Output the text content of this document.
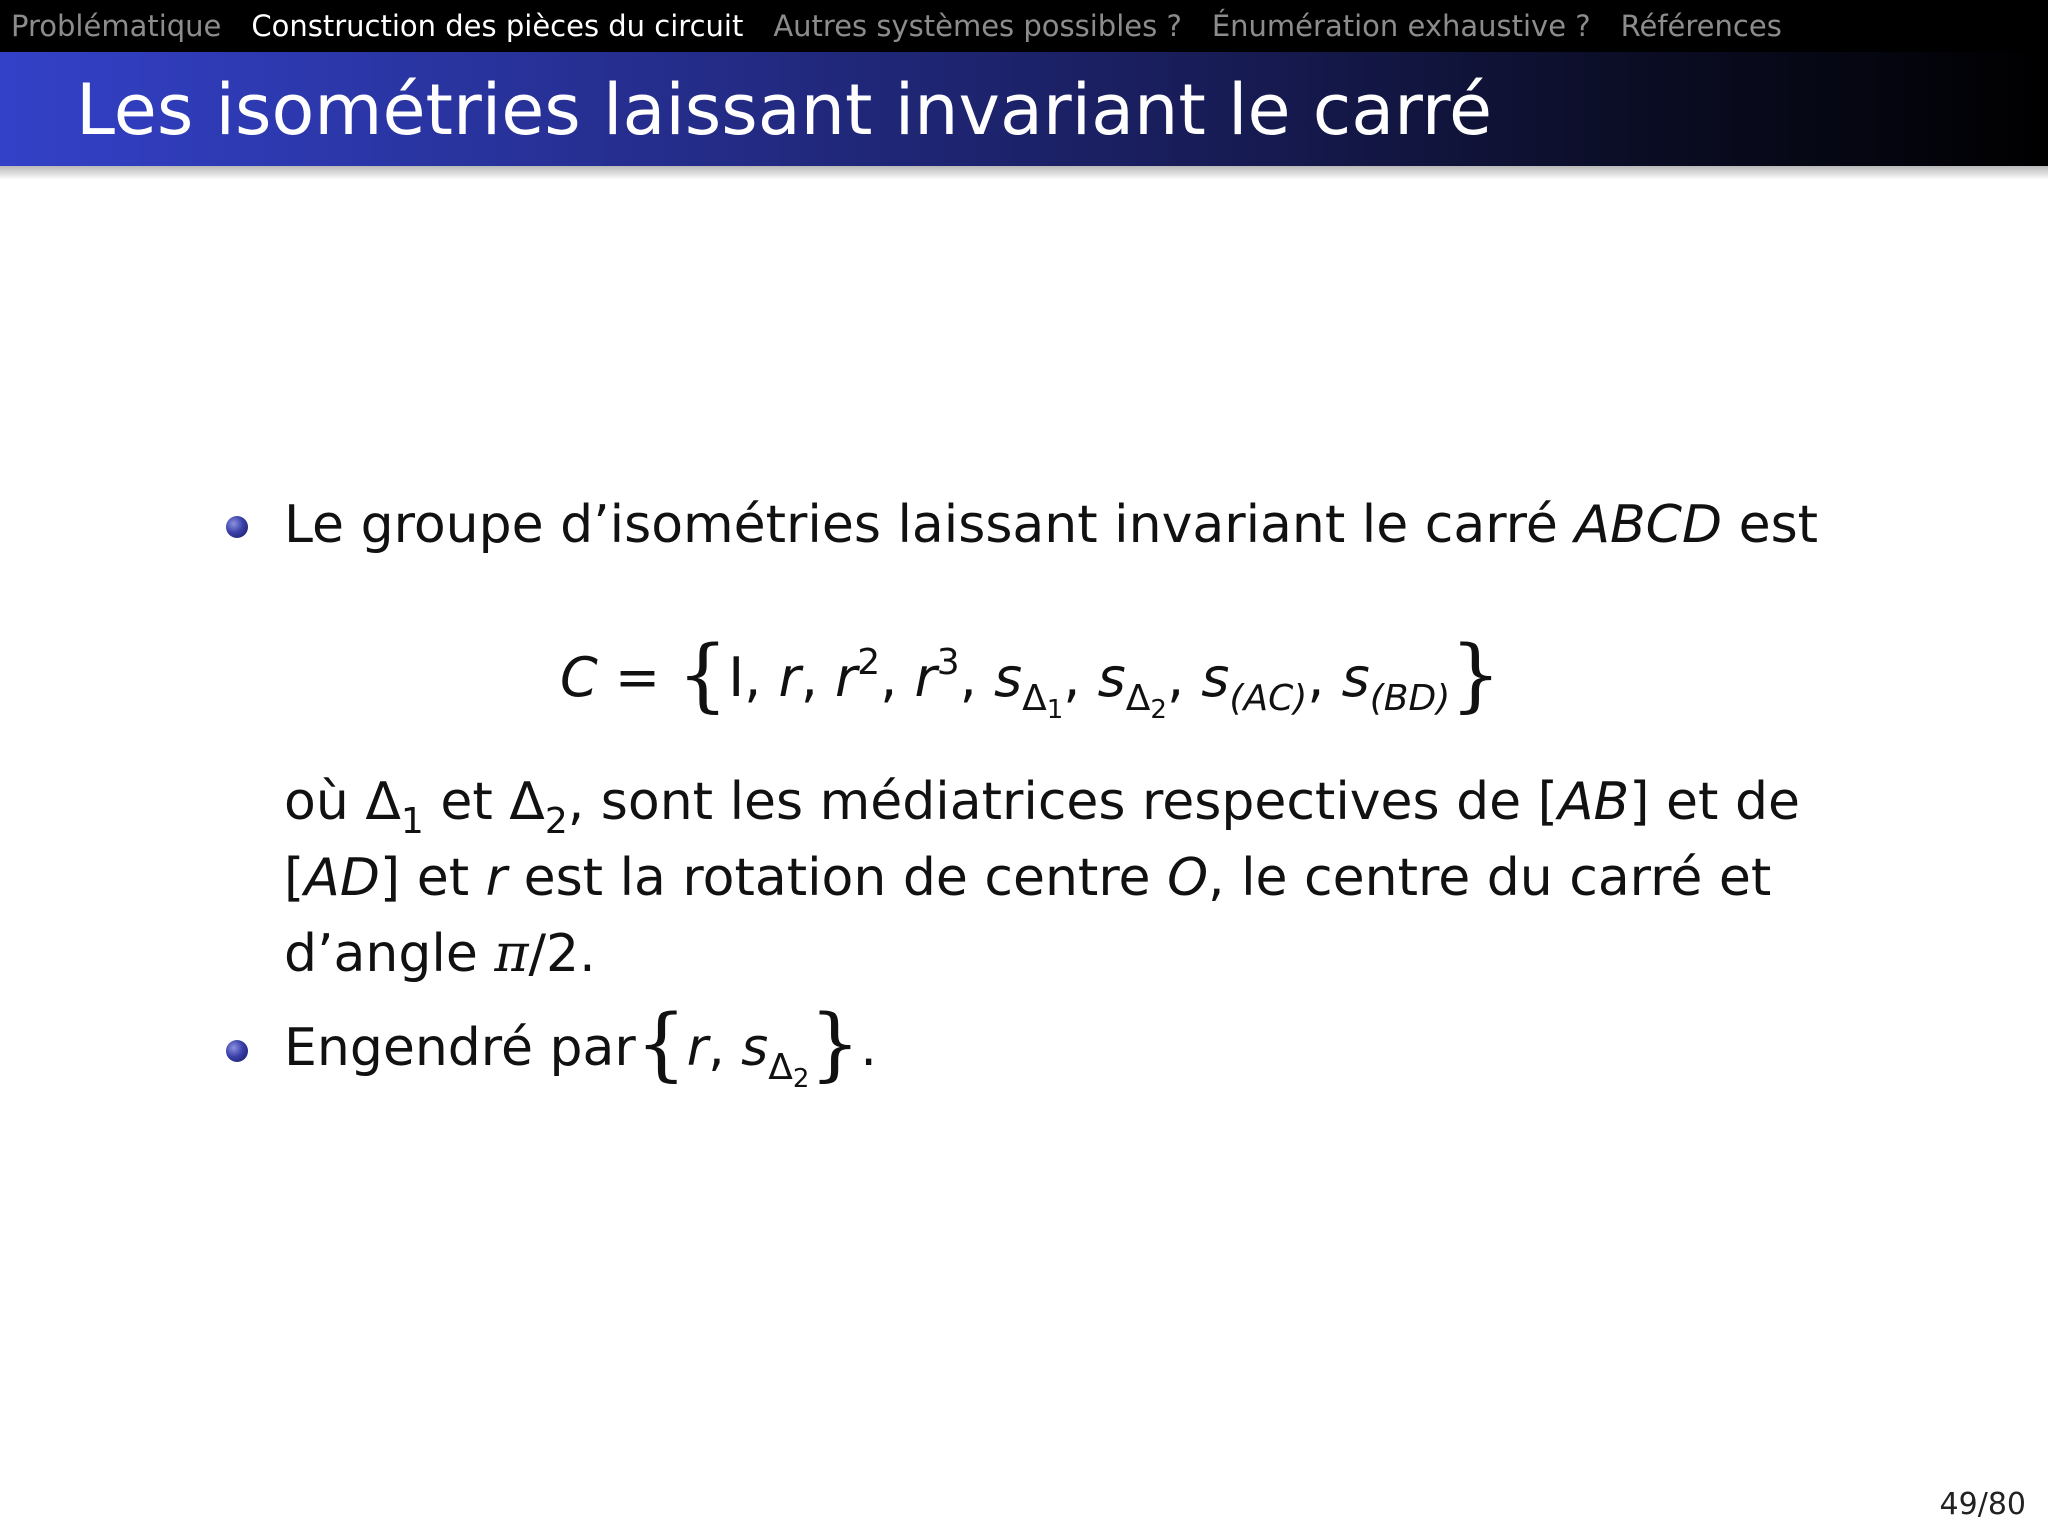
Problématique Construction des pièces du circuit Autres systèmes possibles ? Énumération exhaustive ? Références
Les isométries laissant invariant le carré
Le groupe d’isométries laissant invariant le carré ABCD est
C = {I, r, $r^2$, $r^3$, $s_{\Delta_1}$, $s_{\Delta_2}$, $s_{(AC)}$, $s_{(BD)}$}
où $\Delta_1$ et $\Delta_2$, sont les médiatrices respectives de [AB] et de
[AD] et r est la rotation de centre O, le centre du carré et
d’angle π/2.
Engendré par{r, $s_{\Delta_2}$}.
49/80
